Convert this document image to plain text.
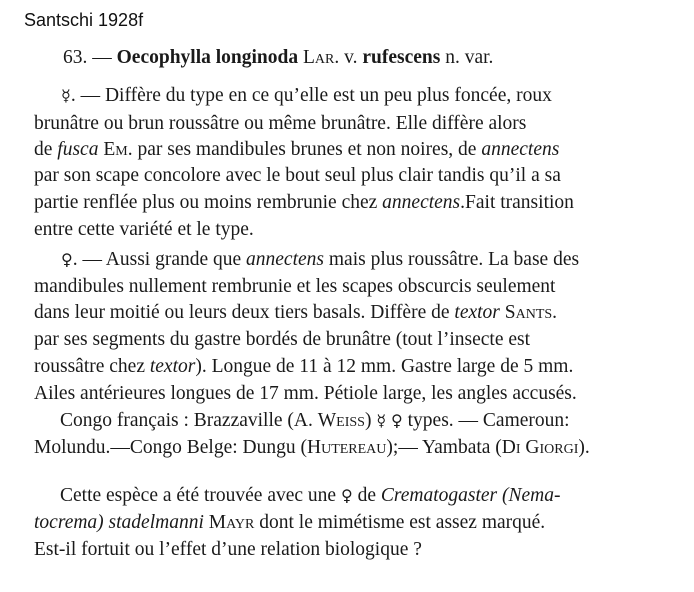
Santschi 1928f
63. — Oecophylla longinoda Lar. v. rufescens n. var.
☿. — Diffère du type en ce qu’elle est un peu plus foncée, roux
brunâtre ou brun roussâtre ou même brunâtre. Elle diffère alors
de fusca Em. par ses mandibules brunes et non noires, de annectens
par son scape concolore avec le bout seul plus clair tandis qu’il a sa
partie renflée plus ou moins rembrunie chez annectens.Fait transition
entre cette variété et le type.
♀. — Aussi grande que annectens mais plus roussâtre. La base des
mandibules nullement rembrunie et les scapes obscurcis seulement
dans leur moitié ou leurs deux tiers basals. Diffère de textor Sants.
par ses segments du gastre bordés de brunâtre (tout l’insecte est
roussâtre chez textor). Longue de 11 à 12 mm. Gastre large de 5 mm.
Ailes antérieures longues de 17 mm. Pétiole large, les angles accusés.
Congo français : Brazzaville (A. Weiss) ☿ ♀ types. — Cameroun:
Molundu.—Congo Belge: Dungu (Hutereau);— Yambata (Di Giorgi).
Cette espèce a été trouvée avec une ♀ de Crematogaster (Nema-
tocrema) stadelmanni Mayr dont le mimétisme est assez marqué.
Est-il fortuit ou l’effet d’une relation biologique ?
